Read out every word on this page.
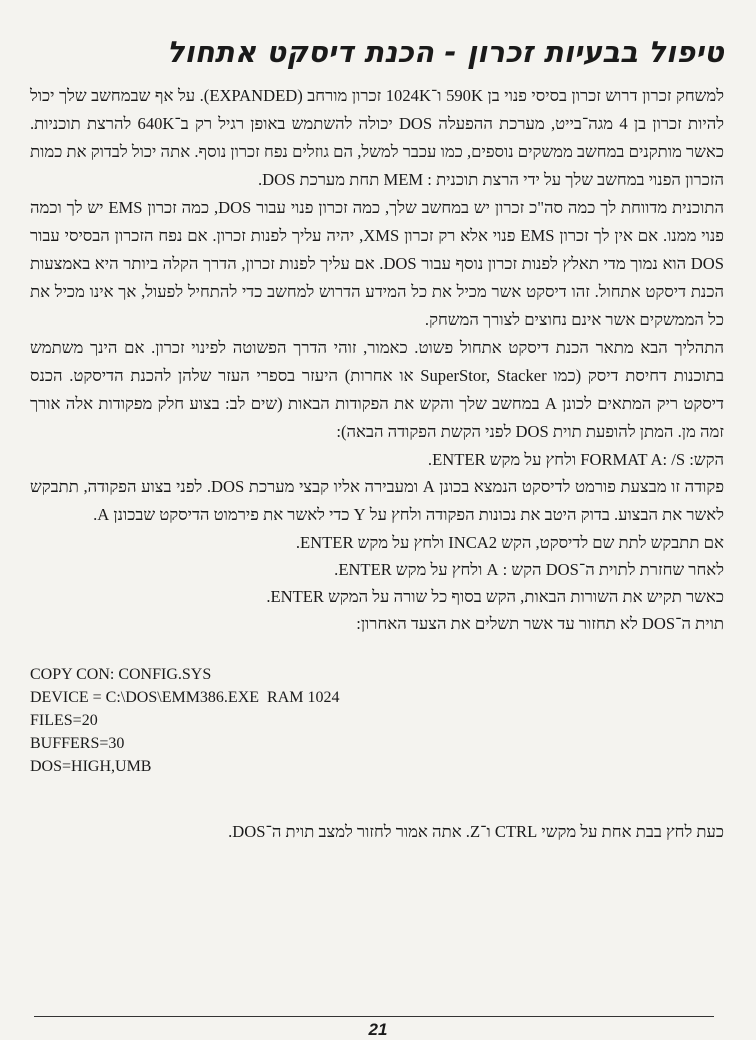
טיפול בבעיות זכרון - הכנת דיסקט אתחול

למשחק זכרון דרוש זכרון בסיסי פנוי בן 590K ו־1024K זכרון מורחב (EXPANDED). על אף שבמחשב שלך יכול להיות זכרון בן 4 מגה־בייט, מערכת ההפעלה DOS יכולה להשתמש באופן רגיל רק ב־640K להרצת תוכניות. כאשר מותקנים במחשב ממשקים נוספים, כמו עכבר למשל, הם גוזלים נפח זכרון נוסף. אתה יכול לבדוק את כמות הזכרון הפנוי במחשב שלך על ידי הרצת תוכנית : MEM תחת מערכת DOS.

התוכנית מדווחת לך כמה סה"כ זכרון יש במחשב שלך, כמה זכרון פנוי עבור DOS, כמה זכרון EMS יש לך וכמה פנוי ממנו. אם אין לך זכרון EMS פנוי אלא רק זכרון XMS, יהיה עליך לפנות זכרון. אם נפח הזכרון הבסיסי עבור DOS הוא נמוך מדי תאלץ לפנות זכרון נוסף עבור DOS. אם עליך לפנות זכרון, הדרך הקלה ביותר היא באמצעות הכנת דיסקט אתחול. זהו דיסקט אשר מכיל את כל המידע הדרוש למחשב כדי להתחיל לפעול, אך אינו מכיל את כל הממשקים אשר אינם נחוצים לצורך המשחק.

התהליך הבא מתאר הכנת דיסקט אתחול פשוט. כאמור, זוהי הדרך הפשוטה לפינוי זכרון. אם הינך משתמש בתוכנות דחיסת דיסק (כמו SuperStor, Stacker או אחרות) היעזר בספרי העזר שלהן להכנת הדיסקט. הכנס דיסקט ריק המתאים לכונן A במחשב שלך והקש את הפקודות הבאות (שים לב: בצוע חלק מפקודות אלה אורך זמה מן. המתן להופעת תוית DOS לפני הקשת הפקודה הבאה):

הקש: FORMAT A: /S ולחץ על מקש ENTER.

פקודה זו מבצעת פורמט לדיסקט הנמצא בכונן A ומעבירה אליו קבצי מערכת DOS. לפני בצוע הפקודה, תתבקש לאשר את הבצוע. בדוק היטב את נכונות הפקודה ולחץ על Y כדי לאשר את פירמוט הדיסקט שבכונן A.

אם תתבקש לתת שם לדיסקט, הקש INCA2 ולחץ על מקש ENTER.

לאחר שחזרת לתוית ה־DOS הקש : A ולחץ על מקש ENTER.

כאשר תקיש את השורות הבאות, הקש בסוף כל שורה על המקש ENTER.

תוית ה־DOS לא תחזור עד אשר תשלים את הצעד האחרון:

COPY CON: CONFIG.SYS
DEVICE = C:\DOS\EMM386.EXE  RAM 1024
FILES=20
BUFFERS=30
DOS=HIGH,UMB

כעת לחץ בבת אחת על מקשי CTRL ו־Z. אתה אמור לחזור למצב תוית ה־DOS.

21
